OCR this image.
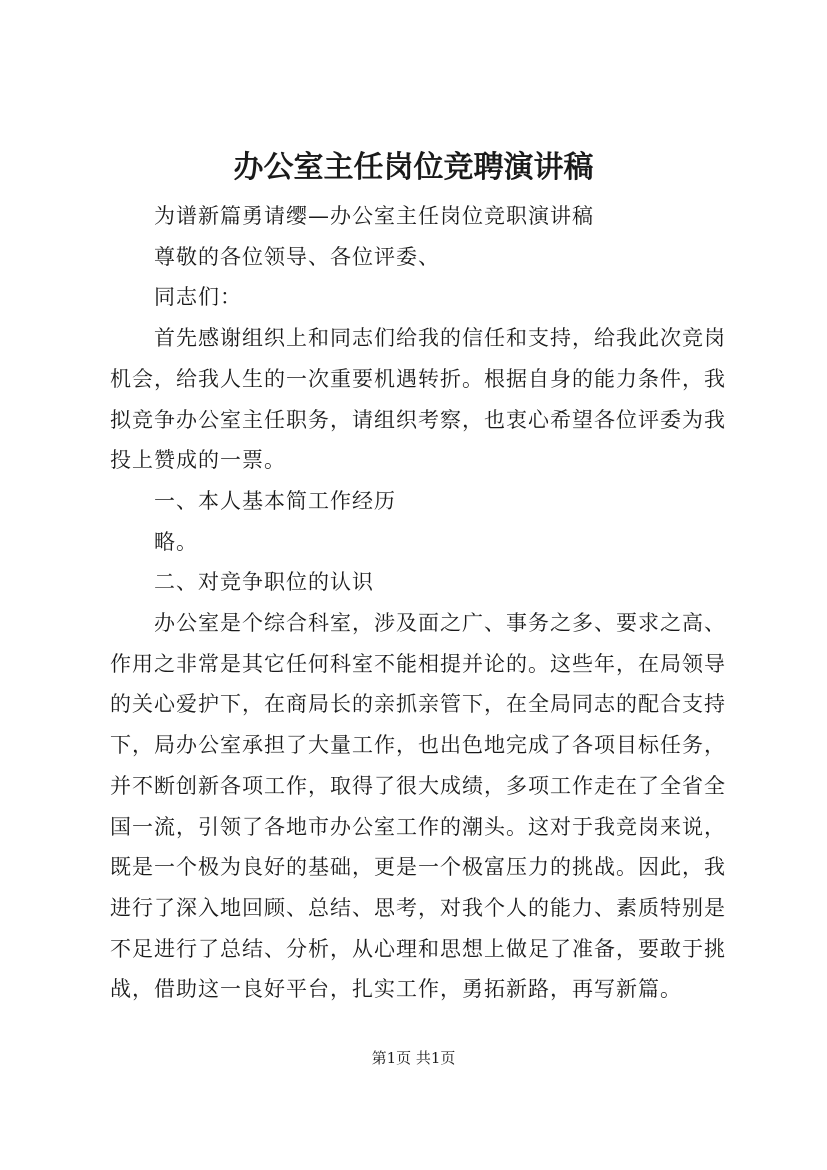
办公室主任岗位竞聘演讲稿

为谱新篇勇请缨—办公室主任岗位竞职演讲稿

尊敬的各位领导、各位评委、

同志们：

首先感谢组织上和同志们给我的信任和支持，给我此次竞岗机会，给我人生的一次重要机遇转折。根据自身的能力条件，我拟竞争办公室主任职务，请组织考察，也衷心希望各位评委为我投上赞成的一票。

一、本人基本简工作经历

略。

二、对竞争职位的认识

办公室是个综合科室，涉及面之广、事务之多、要求之高、作用之非常是其它任何科室不能相提并论的。这些年，在局领导的关心爱护下，在商局长的亲抓亲管下，在全局同志的配合支持下，局办公室承担了大量工作，也出色地完成了各项目标任务，并不断创新各项工作，取得了很大成绩，多项工作走在了全省全国一流，引领了各地市办公室工作的潮头。这对于我竞岗来说，既是一个极为良好的基础，更是一个极富压力的挑战。因此，我进行了深入地回顾、总结、思考，对我个人的能力、素质特别是不足进行了总结、分析，从心理和思想上做足了准备，要敢于挑战，借助这一良好平台，扎实工作，勇拓新路，再写新篇。

第1页 共1页
